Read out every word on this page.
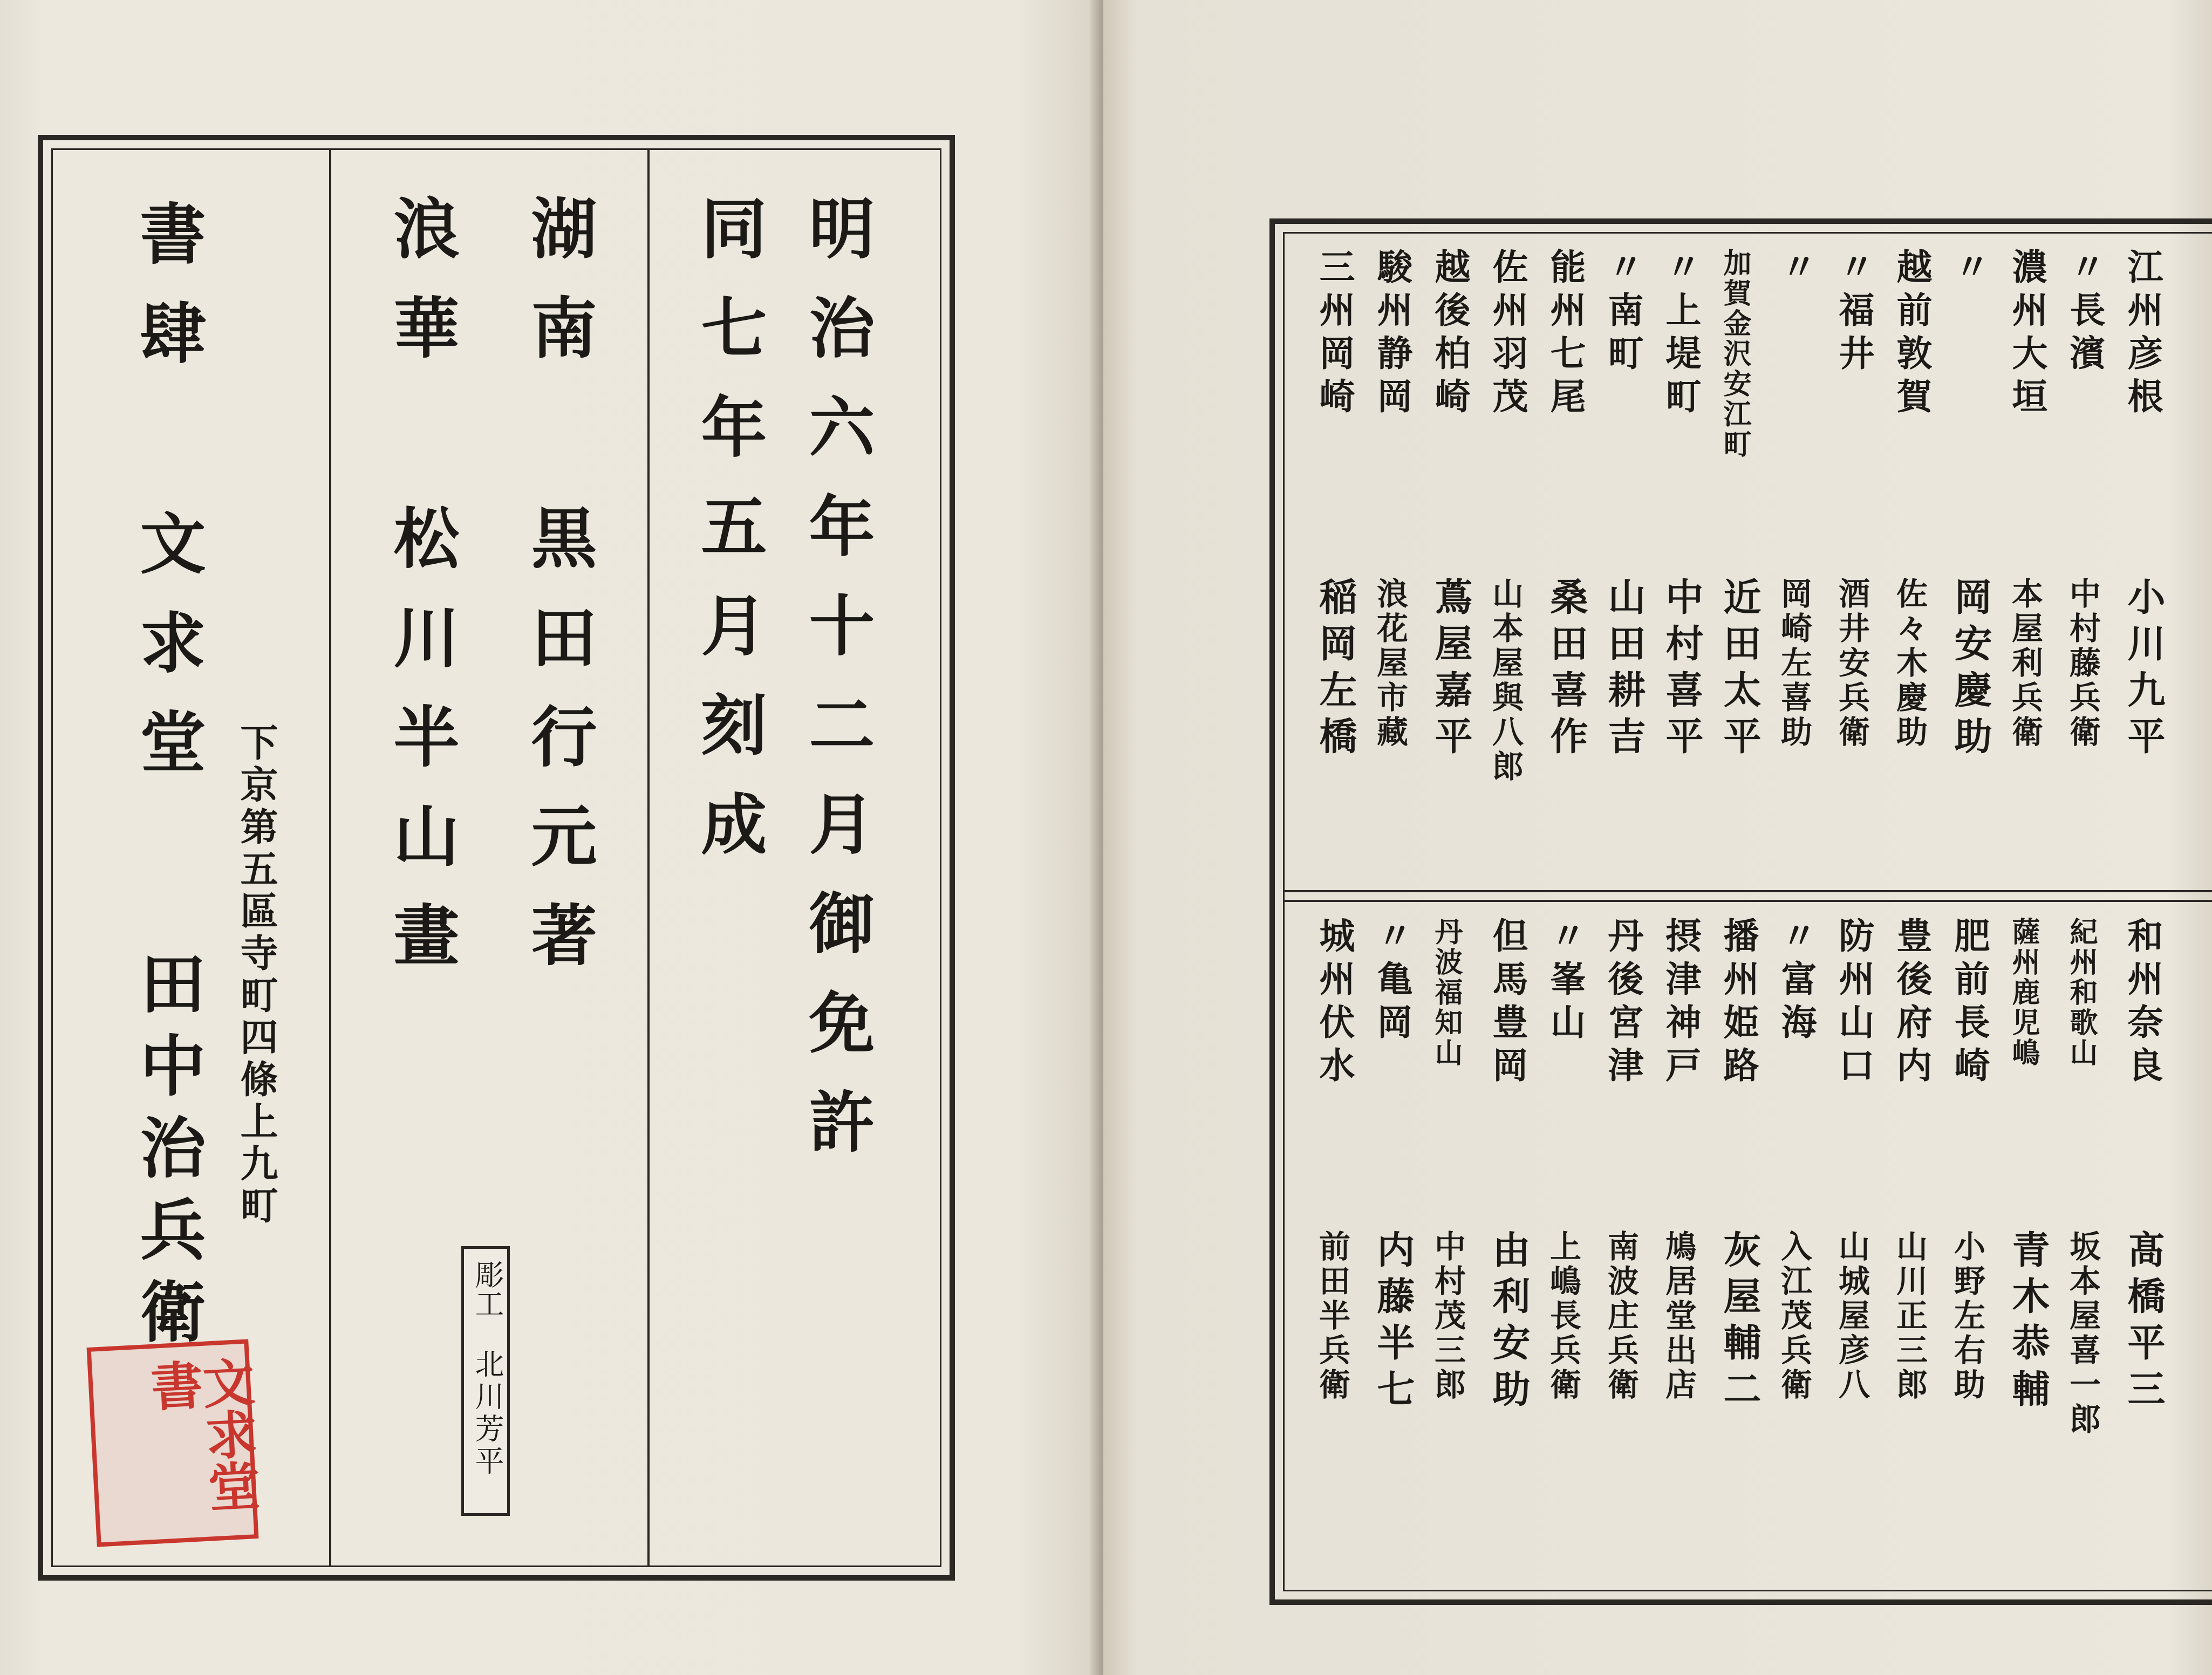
明治六年十二月御免許
同七年五月刻成
湖南 黒田行元著
浪華 松川半山畫
彫工
北川芳平
書肆 文求堂
下京第五區寺町四條上九町
田中治兵衛
文求堂書
江州彦根
小川九平
〃長濱
中村藤兵衛
濃州大垣
本屋利兵衛
〃
岡安慶助
越前敦賀
佐々木慶助
〃福井
酒井安兵衛
〃
岡崎左喜助
加賀金沢安江町
近田太平
〃上堤町
中村喜平
〃南町
山田耕吉
能州七尾
桑田喜作
佐州羽茂
山本屋與八郎
越後柏崎
蔦屋嘉平
駿州静岡
浪花屋市藏
三州岡崎
稲岡左橋
和州奈良
髙橋平三
紀州和歌山
坂本屋喜一郎
薩州鹿児嶋
青木恭輔
肥前長崎
小野左右助
豊後府内
山川正三郎
防州山口
山城屋彦八
〃富海
入江茂兵衛
播州姫路
灰屋輔二
摂津神戸
鳩居堂出店
丹後宮津
南波庄兵衛
〃峯山
上嶋長兵衛
但馬豊岡
由利安助
丹波福知山
中村茂三郎
〃亀岡
内藤半七
城州伏水
前田半兵衛
